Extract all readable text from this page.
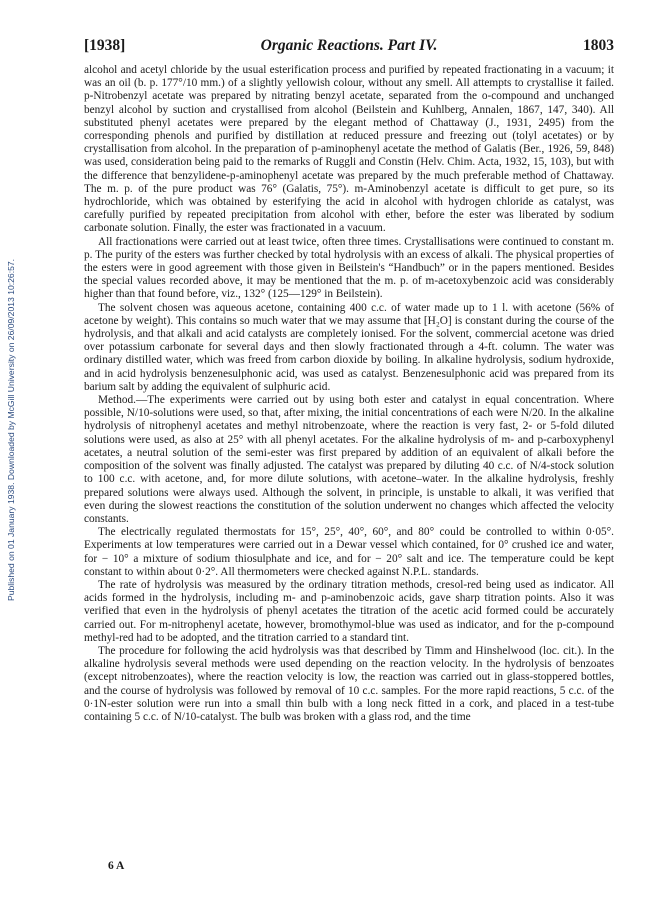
[1938]	Organic Reactions. Part IV.	1803
Published on 01 January 1938. Downloaded by McGill University on 26/09/2013 10:26:57.

alcohol and acetyl chloride by the usual esterification process and purified by repeated fractionating in a vacuum; it was an oil (b. p. 177°/10 mm.) of a slightly yellowish colour, without any smell. All attempts to crystallise it failed. p-Nitrobenzyl acetate was prepared by nitrating benzyl acetate, separated from the o-compound and unchanged benzyl alcohol by suction and crystallised from alcohol (Beilstein and Kuhlberg, Annalen, 1867, 147, 340). All substituted phenyl acetates were prepared by the elegant method of Chattaway (J., 1931, 2495) from the corresponding phenols and purified by distillation at reduced pressure and freezing out (tolyl acetates) or by crystallisation from alcohol. In the preparation of p-aminophenyl acetate the method of Galatis (Ber., 1926, 59, 848) was used, consideration being paid to the remarks of Ruggli and Constin (Helv. Chim. Acta, 1932, 15, 103), but with the difference that benzylidene-p-aminophenyl acetate was prepared by the much preferable method of Chattaway. The m. p. of the pure product was 76° (Galatis, 75°). m-Aminobenzyl acetate is difficult to get pure, so its hydrochloride, which was obtained by esterifying the acid in alcohol with hydrogen chloride as catalyst, was carefully purified by repeated precipitation from alcohol with ether, before the ester was liberated by sodium carbonate solution. Finally, the ester was fractionated in a vacuum.

All fractionations were carried out at least twice, often three times. Crystallisations were continued to constant m. p. The purity of the esters was further checked by total hydrolysis with an excess of alkali. The physical properties of the esters were in good agreement with those given in Beilstein's “Handbuch” or in the papers mentioned. Besides the special values recorded above, it may be mentioned that the m. p. of m-acetoxybenzoic acid was considerably higher than that found before, viz., 132° (125—129° in Beilstein).

The solvent chosen was aqueous acetone, containing 400 c.c. of water made up to 1 l. with acetone (56% of acetone by weight). This contains so much water that we may assume that [H₂O] is constant during the course of the hydrolysis, and that alkali and acid catalysts are completely ionised. For the solvent, commercial acetone was dried over potassium carbonate for several days and then slowly fractionated through a 4-ft. column. The water was ordinary distilled water, which was freed from carbon dioxide by boiling. In alkaline hydrolysis, sodium hydroxide, and in acid hydrolysis benzenesulphonic acid, was used as catalyst. Benzenesulphonic acid was prepared from its barium salt by adding the equivalent of sulphuric acid.

Method.—The experiments were carried out by using both ester and catalyst in equal concentration. Where possible, N/10-solutions were used, so that, after mixing, the initial concentrations of each were N/20. In the alkaline hydrolysis of nitrophenyl acetates and methyl nitrobenzoate, where the reaction is very fast, 2- or 5-fold diluted solutions were used, as also at 25° with all phenyl acetates. For the alkaline hydrolysis of m- and p-carboxyphenyl acetates, a neutral solution of the semi-ester was first prepared by addition of an equivalent of alkali before the composition of the solvent was finally adjusted. The catalyst was prepared by diluting 40 c.c. of N/4-stock solution to 100 c.c. with acetone, and, for more dilute solutions, with acetone–water. In the alkaline hydrolysis, freshly prepared solutions were always used. Although the solvent, in principle, is unstable to alkali, it was verified that even during the slowest reactions the constitution of the solution underwent no changes which affected the velocity constants.

The electrically regulated thermostats for 15°, 25°, 40°, 60°, and 80° could be controlled to within 0·05°. Experiments at low temperatures were carried out in a Dewar vessel which contained, for 0° crushed ice and water, for − 10° a mixture of sodium thiosulphate and ice, and for − 20° salt and ice. The temperature could be kept constant to within about 0·2°. All thermometers were checked against N.P.L. standards.

The rate of hydrolysis was measured by the ordinary titration methods, cresol-red being used as indicator. All acids formed in the hydrolysis, including m- and p-aminobenzoic acids, gave sharp titration points. Also it was verified that even in the hydrolysis of phenyl acetates the titration of the acetic acid formed could be accurately carried out. For m-nitrophenyl acetate, however, bromothymol-blue was used as indicator, and for the p-compound methyl-red had to be adopted, and the titration carried to a standard tint.

The procedure for following the acid hydrolysis was that described by Timm and Hinshelwood (loc. cit.). In the alkaline hydrolysis several methods were used depending on the reaction velocity. In the hydrolysis of benzoates (except nitrobenzoates), where the reaction velocity is low, the reaction was carried out in glass-stoppered bottles, and the course of hydrolysis was followed by removal of 10 c.c. samples. For the more rapid reactions, 5 c.c. of the 0·1N-ester solution were run into a small thin bulb with a long neck fitted in a cork, and placed in a test-tube containing 5 c.c. of N/10-catalyst. The bulb was broken with a glass rod, and the time

6 A
